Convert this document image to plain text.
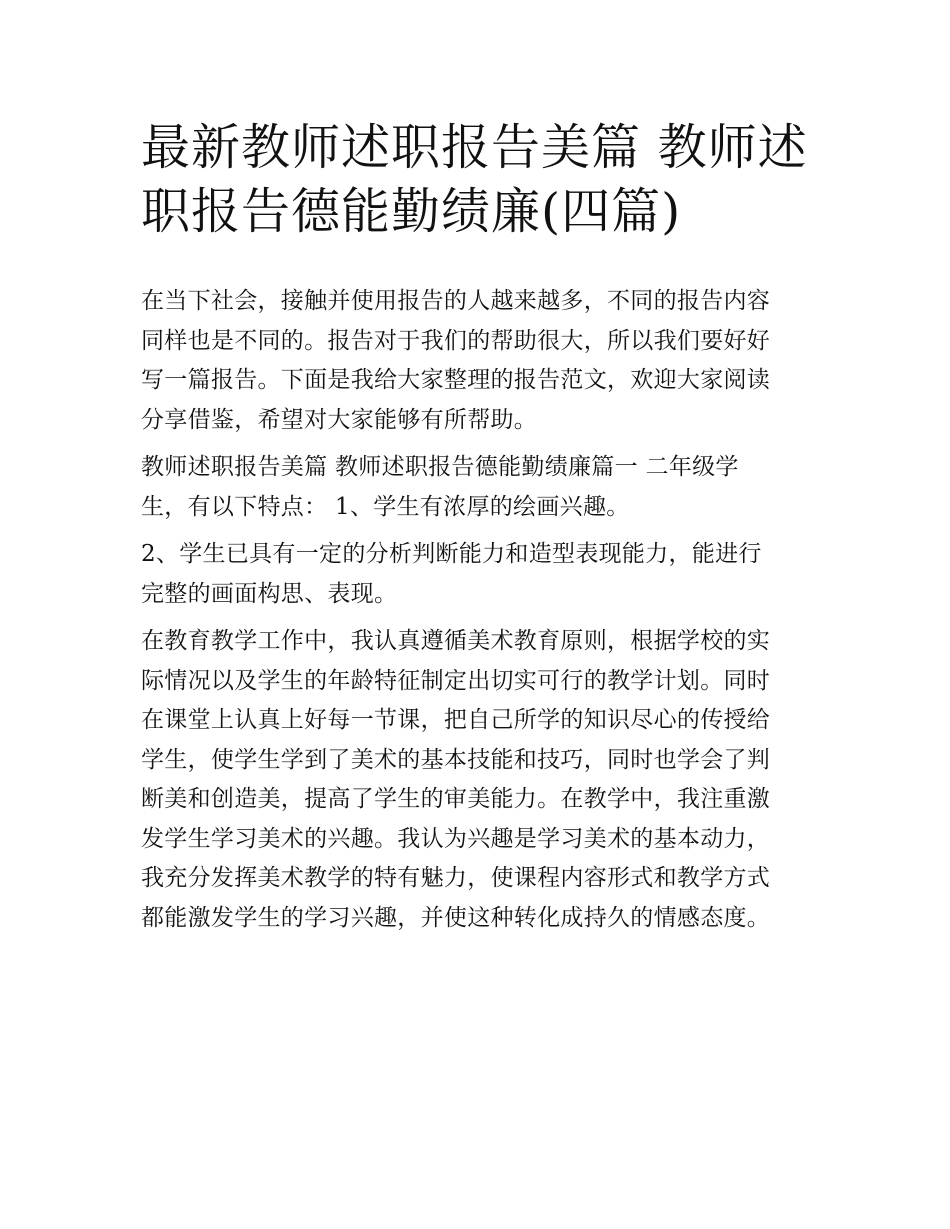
最新教师述职报告美篇 教师述
职报告德能勤绩廉(四篇)

在当下社会，接触并使用报告的人越来越多，不同的报告内容
同样也是不同的。报告对于我们的帮助很大，所以我们要好好
写一篇报告。下面是我给大家整理的报告范文，欢迎大家阅读
分享借鉴，希望对大家能够有所帮助。

教师述职报告美篇 教师述职报告德能勤绩廉篇一 二年级学
生，有以下特点： 1、学生有浓厚的绘画兴趣。

2、学生已具有一定的分析判断能力和造型表现能力，能进行
完整的画面构思、表现。

在教育教学工作中，我认真遵循美术教育原则，根据学校的实
际情况以及学生的年龄特征制定出切实可行的教学计划。同时
在课堂上认真上好每一节课，把自己所学的知识尽心的传授给
学生，使学生学到了美术的基本技能和技巧，同时也学会了判
断美和创造美，提高了学生的审美能力。在教学中，我注重激
发学生学习美术的兴趣。我认为兴趣是学习美术的基本动力，
我充分发挥美术教学的特有魅力，使课程内容形式和教学方式
都能激发学生的学习兴趣，并使这种转化成持久的情感态度。
